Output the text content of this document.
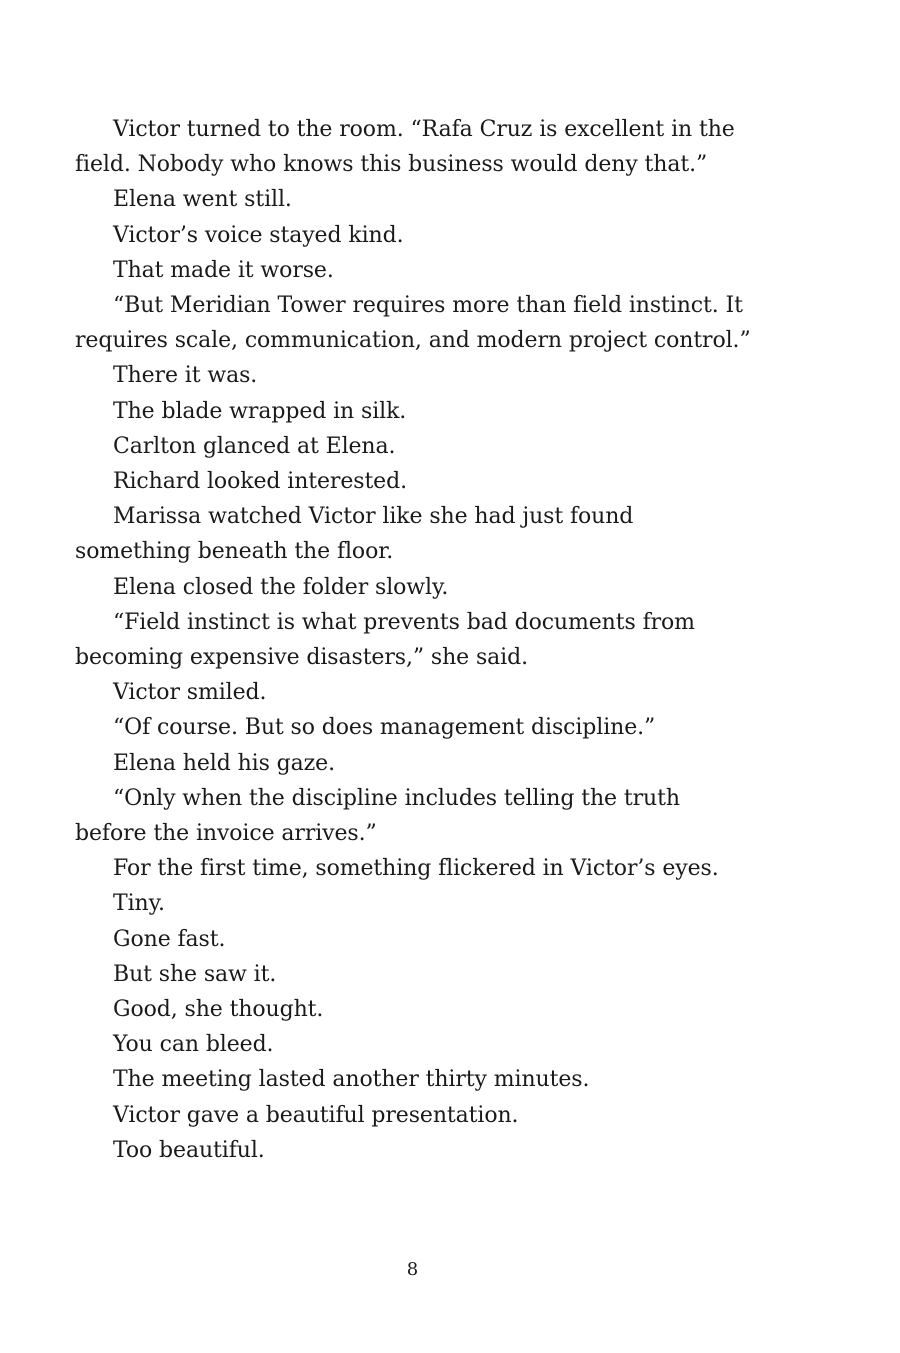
Victor turned to the room. “Rafa Cruz is excellent in the field. Nobody who knows this business would deny that.”

Elena went still.

Victor’s voice stayed kind.

That made it worse.

“But Meridian Tower requires more than field instinct. It requires scale, communication, and modern project control.”

There it was.

The blade wrapped in silk.

Carlton glanced at Elena.

Richard looked interested.

Marissa watched Victor like she had just found something beneath the floor.

Elena closed the folder slowly.

“Field instinct is what prevents bad documents from becoming expensive disasters,” she said.

Victor smiled.

“Of course. But so does management discipline.”

Elena held his gaze.

“Only when the discipline includes telling the truth before the invoice arrives.”

For the first time, something flickered in Victor’s eyes.

Tiny.

Gone fast.

But she saw it.

Good, she thought.

You can bleed.

The meeting lasted another thirty minutes.

Victor gave a beautiful presentation.

Too beautiful.

8
